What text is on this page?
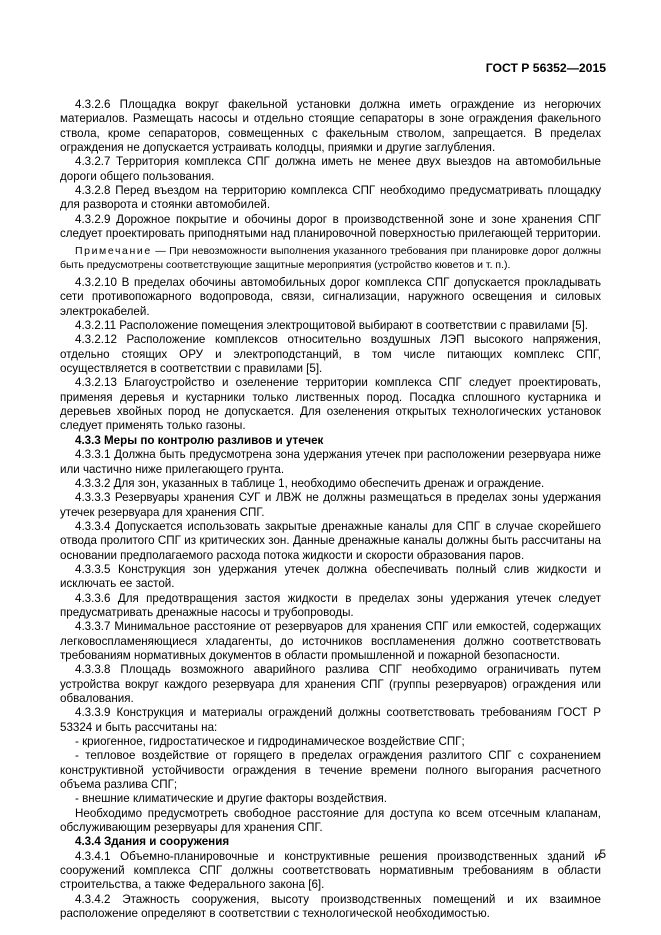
ГОСТ Р 56352—2015

4.3.2.6 Площадка вокруг факельной установки должна иметь ограждение из негорючих материалов. Размещать насосы и отдельно стоящие сепараторы в зоне ограждения факельного ствола, кроме сепараторов, совмещенных с факельным стволом, запрещается. В пределах ограждения не допускается устраивать колодцы, приямки и другие заглубления.

4.3.2.7 Территория комплекса СПГ должна иметь не менее двух выездов на автомобильные дороги общего пользования.

4.3.2.8 Перед въездом на территорию комплекса СПГ необходимо предусматривать площадку для разворота и стоянки автомобилей.

4.3.2.9 Дорожное покрытие и обочины дорог в производственной зоне и зоне хранения СПГ следует проектировать приподнятыми над планировочной поверхностью прилегающей территории.

Примечание — При невозможности выполнения указанного требования при планировке дорог должны быть предусмотрены соответствующие защитные мероприятия (устройство кюветов и т. п.).

4.3.2.10 В пределах обочины автомобильных дорог комплекса СПГ допускается прокладывать сети противопожарного водопровода, связи, сигнализации, наружного освещения и силовых электрокабелей.

4.3.2.11 Расположение помещения электрощитовой выбирают в соответствии с правилами [5].

4.3.2.12 Расположение комплексов относительно воздушных ЛЭП высокого напряжения, отдельно стоящих ОРУ и электроподстанций, в том числе питающих комплекс СПГ, осуществляется в соответствии с правилами [5].

4.3.2.13 Благоустройство и озеленение территории комплекса СПГ следует проектировать, применяя деревья и кустарники только лиственных пород. Посадка сплошного кустарника и деревьев хвойных пород не допускается. Для озеленения открытых технологических установок следует применять только газоны.

4.3.3 Меры по контролю разливов и утечек

4.3.3.1 Должна быть предусмотрена зона удержания утечек при расположении резервуара ниже или частично ниже прилегающего грунта.

4.3.3.2 Для зон, указанных в таблице 1, необходимо обеспечить дренаж и ограждение.

4.3.3.3 Резервуары хранения СУГ и ЛВЖ не должны размещаться в пределах зоны удержания утечек резервуара для хранения СПГ.

4.3.3.4 Допускается использовать закрытые дренажные каналы для СПГ в случае скорейшего отвода пролитого СПГ из критических зон. Данные дренажные каналы должны быть рассчитаны на основании предполагаемого расхода потока жидкости и скорости образования паров.

4.3.3.5 Конструкция зон удержания утечек должна обеспечивать полный слив жидкости и исключать ее застой.

4.3.3.6 Для предотвращения застоя жидкости в пределах зоны удержания утечек следует предусматривать дренажные насосы и трубопроводы.

4.3.3.7 Минимальное расстояние от резервуаров для хранения СПГ или емкостей, содержащих легковоспламеняющиеся хладагенты, до источников воспламенения должно соответствовать требованиям нормативных документов в области промышленной и пожарной безопасности.

4.3.3.8 Площадь возможного аварийного разлива СПГ необходимо ограничивать путем устройства вокруг каждого резервуара для хранения СПГ (группы резервуаров) ограждения или обвалования.

4.3.3.9 Конструкция и материалы ограждений должны соответствовать требованиям ГОСТ Р 53324 и быть рассчитаны на:

- криогенное, гидростатическое и гидродинамическое воздействие СПГ;

- тепловое воздействие от горящего в пределах ограждения разлитого СПГ с сохранением конструктивной устойчивости ограждения в течение времени полного выгорания расчетного объема разлива СПГ;

- внешние климатические и другие факторы воздействия.

Необходимо предусмотреть свободное расстояние для доступа ко всем отсечным клапанам, обслуживающим резервуары для хранения СПГ.

4.3.4 Здания и сооружения

4.3.4.1 Объемно-планировочные и конструктивные решения производственных зданий и сооружений комплекса СПГ должны соответствовать нормативным требованиям в области строительства, а также Федерального закона [6].

4.3.4.2 Этажность сооружения, высоту производственных помещений и их взаимное расположение определяют в соответствии с технологической необходимостью.

5
